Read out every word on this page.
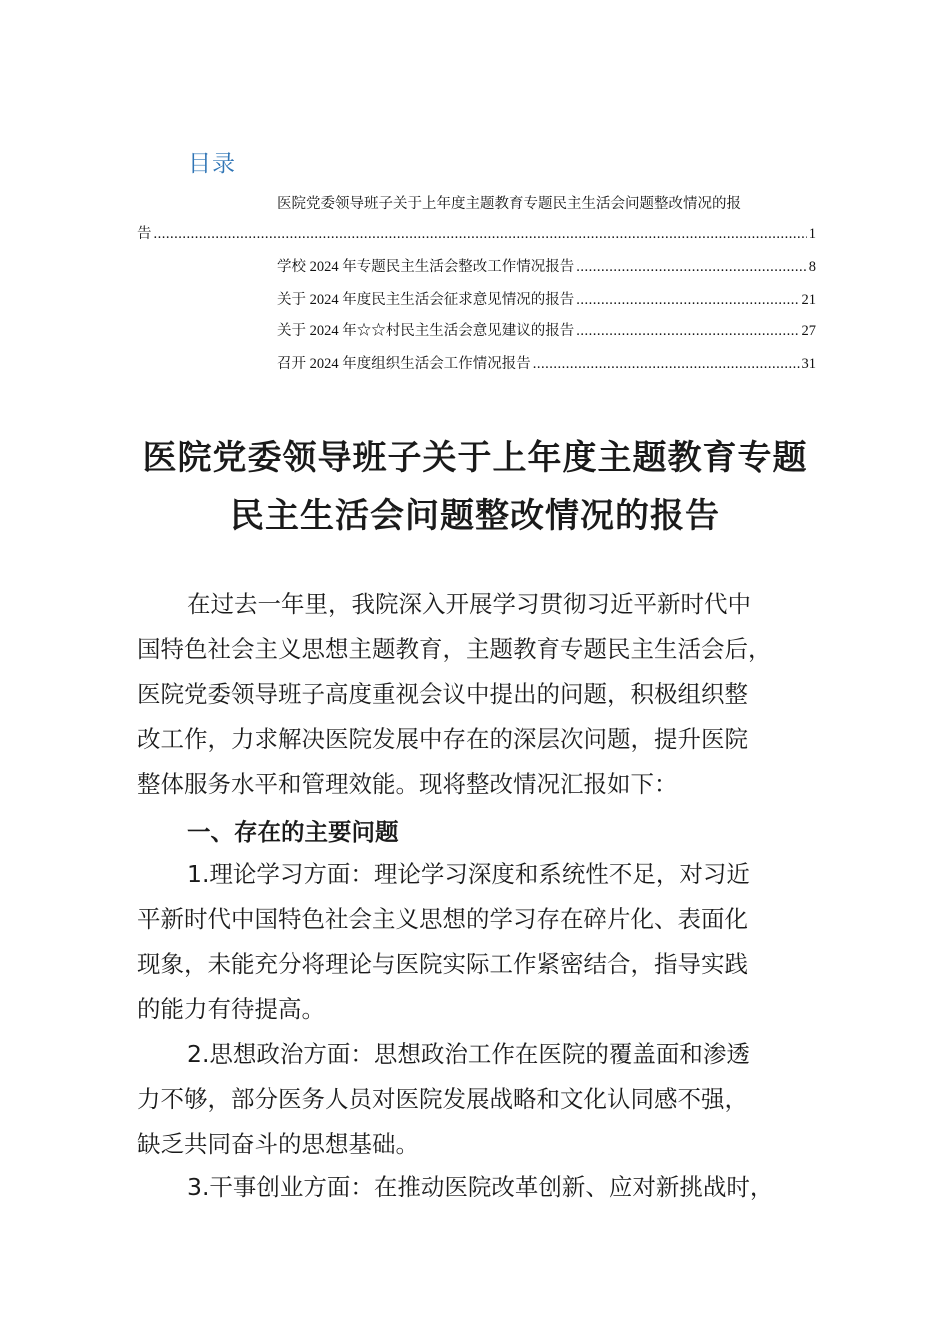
目录
医院党委领导班子关于上年度主题教育专题民主生活会问题整改情况的报
告 .....	1
学校 2024 年专题民主生活会整改工作情况报告 .....	8
关于 2024 年度民主生活会征求意见情况的报告 .....	21
关于 2024 年☆☆村民主生活会意见建议的报告 .....	27
召开 2024 年度组织生活会工作情况报告 .....	31
医院党委领导班子关于上年度主题教育专题
民主生活会问题整改情况的报告
在过去一年里，我院深入开展学习贯彻习近平新时代中
国特色社会主义思想主题教育，主题教育专题民主生活会后，
医院党委领导班子高度重视会议中提出的问题，积极组织整
改工作，力求解决医院发展中存在的深层次问题，提升医院
整体服务水平和管理效能。现将整改情况汇报如下：
一、存在的主要问题
1.理论学习方面：理论学习深度和系统性不足，对习近
平新时代中国特色社会主义思想的学习存在碎片化、表面化
现象，未能充分将理论与医院实际工作紧密结合，指导实践
的能力有待提高。
2.思想政治方面：思想政治工作在医院的覆盖面和渗透
力不够，部分医务人员对医院发展战略和文化认同感不强，
缺乏共同奋斗的思想基础。
3.干事创业方面：在推动医院改革创新、应对新挑战时，
